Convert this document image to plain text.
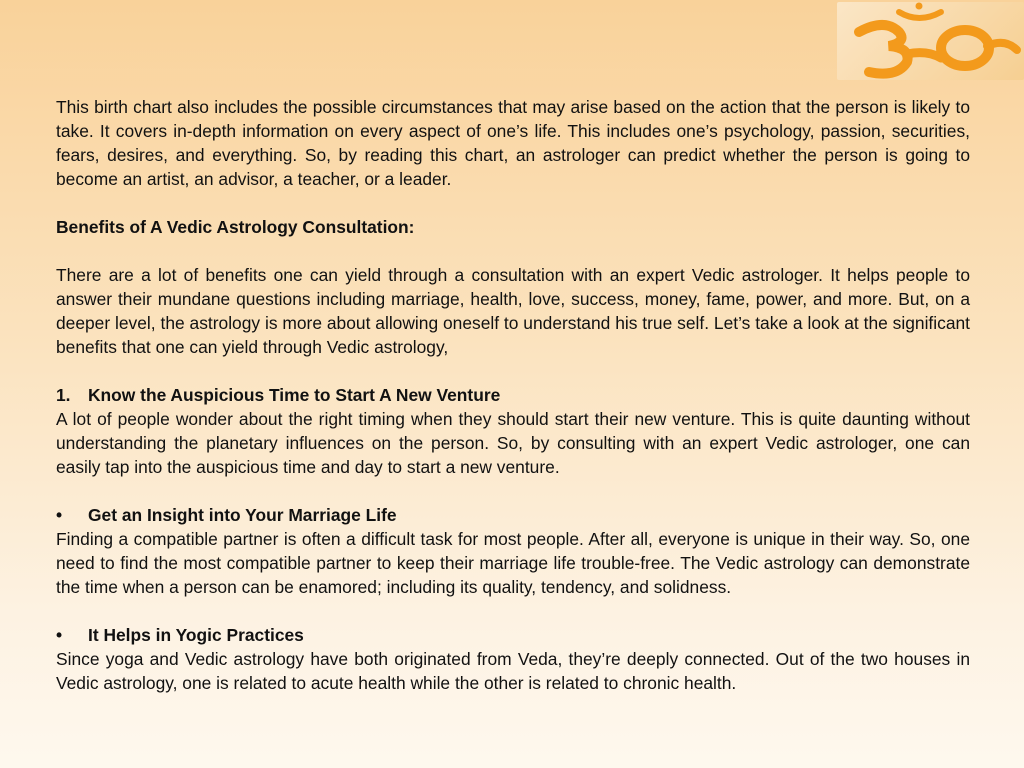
This birth chart also includes the possible circumstances that may arise based on the action that the person is likely to take. It covers in-depth information on every aspect of one’s life. This includes one’s psychology, passion, securities, fears, desires, and everything. So, by reading this chart, an astrologer can predict whether the person is going to become an artist, an advisor, a teacher, or a leader.

Benefits of A Vedic Astrology Consultation:

There are a lot of benefits one can yield through a consultation with an expert Vedic astrologer. It helps people to answer their mundane questions including marriage, health, love, success, money, fame, power, and more. But, on a deeper level, the astrology is more about allowing oneself to understand his true self. Let’s take a look at the significant benefits that one can yield through Vedic astrology,

1.	Know the Auspicious Time to Start A New Venture

A lot of people wonder about the right timing when they should start their new venture. This is quite daunting without understanding the planetary influences on the person. So, by consulting with an expert Vedic astrologer, one can easily tap into the auspicious time and day to start a new venture.

•	Get an Insight into Your Marriage Life

Finding a compatible partner is often a difficult task for most people. After all, everyone is unique in their way. So, one need to find the most compatible partner to keep their marriage life trouble-free. The Vedic astrology can demonstrate the time when a person can be enamored; including its quality, tendency, and solidness.

•	It Helps in Yogic Practices

Since yoga and Vedic astrology have both originated from Veda, they’re deeply connected. Out of the two houses in Vedic astrology, one is related to acute health while the other is related to chronic health.
